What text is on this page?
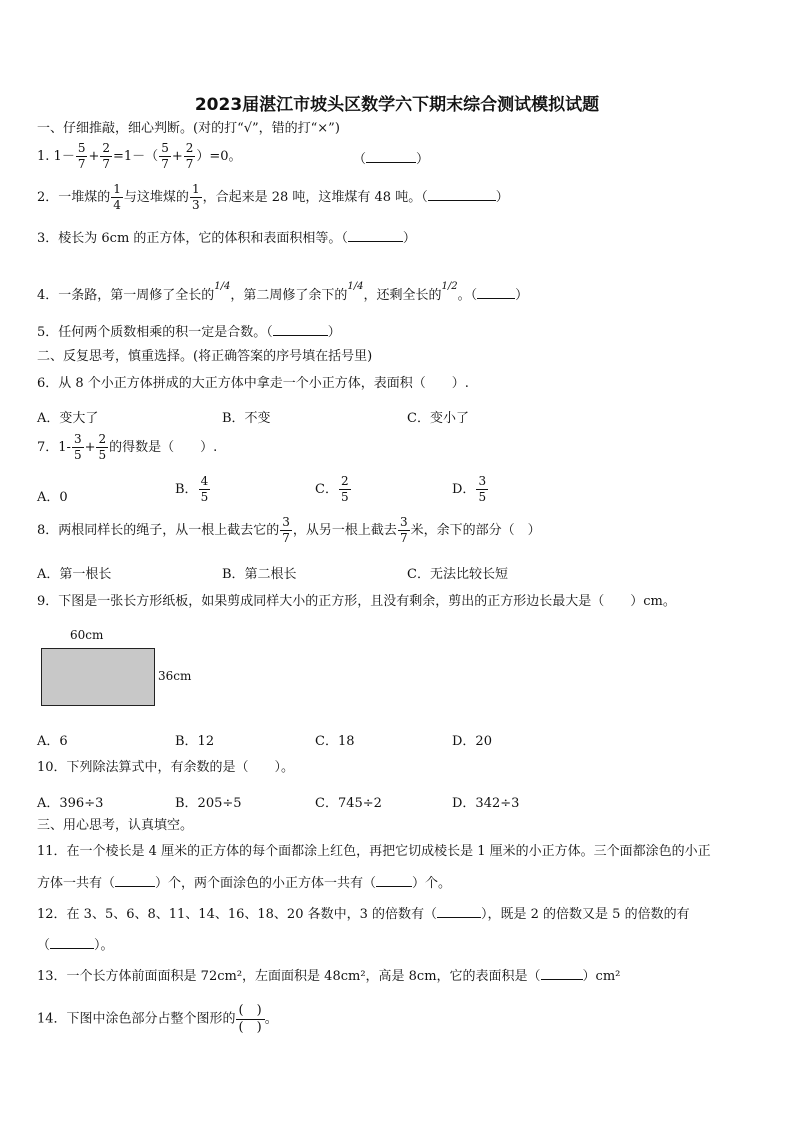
2023届湛江市坡头区数学六下期末综合测试模拟试题
一、仔细推敲，细心判断。(对的打“√”，错的打“×”)
1. $1- \frac{5}{7} + \frac{2}{7} =1-( \frac{5}{7} + \frac{2}{7} )=0$。	（	）
2．一堆煤的 $\frac{1}{4}$ 与这堆煤的 $\frac{1}{3}$ ，合起来是 28 吨，这堆煤有 48 吨。（	）
3．棱长为 6cm 的正方体，它的体积和表面积相等。（	）
4．一条路，第一周修了全长的$^{1/4}$，第二周修了余下的$^{1/4}$，还剩全长的$^{1/2}$。（	）
5．任何两个质数相乘的积一定是合数。（	）
二、反复思考，慎重选择。(将正确答案的序号填在括号里)
6．从 8 个小正方体拼成的大正方体中拿走一个小正方体，表面积（　　）.
A．变大了	B．不变	C．变小了
7．$1- \frac{3}{5} + \frac{2}{5}$ 的得数是（　　）.
A．0
B． $\frac{4}{5}$	C． $\frac{2}{5}$	D． $\frac{3}{5}$
8．两根同样长的绳子，从一根上截去它的 $\frac{3}{7}$ ，从另一根上截去 $\frac{3}{7}$ 米，余下的部分（　）
A．第一根长	B．第二根长	C．无法比较长短
9．下图是一张长方形纸板，如果剪成同样大小的正方形，且没有剩余，剪出的正方形边长最大是（　　）cm。
60cm
36cm
A．6	B．12	C．18	D．20
10．下列除法算式中，有余数的是（　　）。
A．396÷3	B．205÷5	C．745÷2	D．342÷3
三、用心思考，认真填空。
11．在一个棱长是 4 厘米的正方体的每个面都涂上红色，再把它切成棱长是 1 厘米的小正方体。三个面都涂色的小正
方体一共有（	）个，两个面涂色的小正方体一共有（	）个。
12．在 3、5、6、8、11、14、16、18、20 各数中，3 的倍数有（	），既是 2 的倍数又是 5 的倍数的有
（	）。
13．一个长方体前面面积是 72cm²，左面面积是 48cm²，高是 8cm，它的表面积是（	）cm²
14．下图中涂色部分占整个图形的
(　)
(　)
。
